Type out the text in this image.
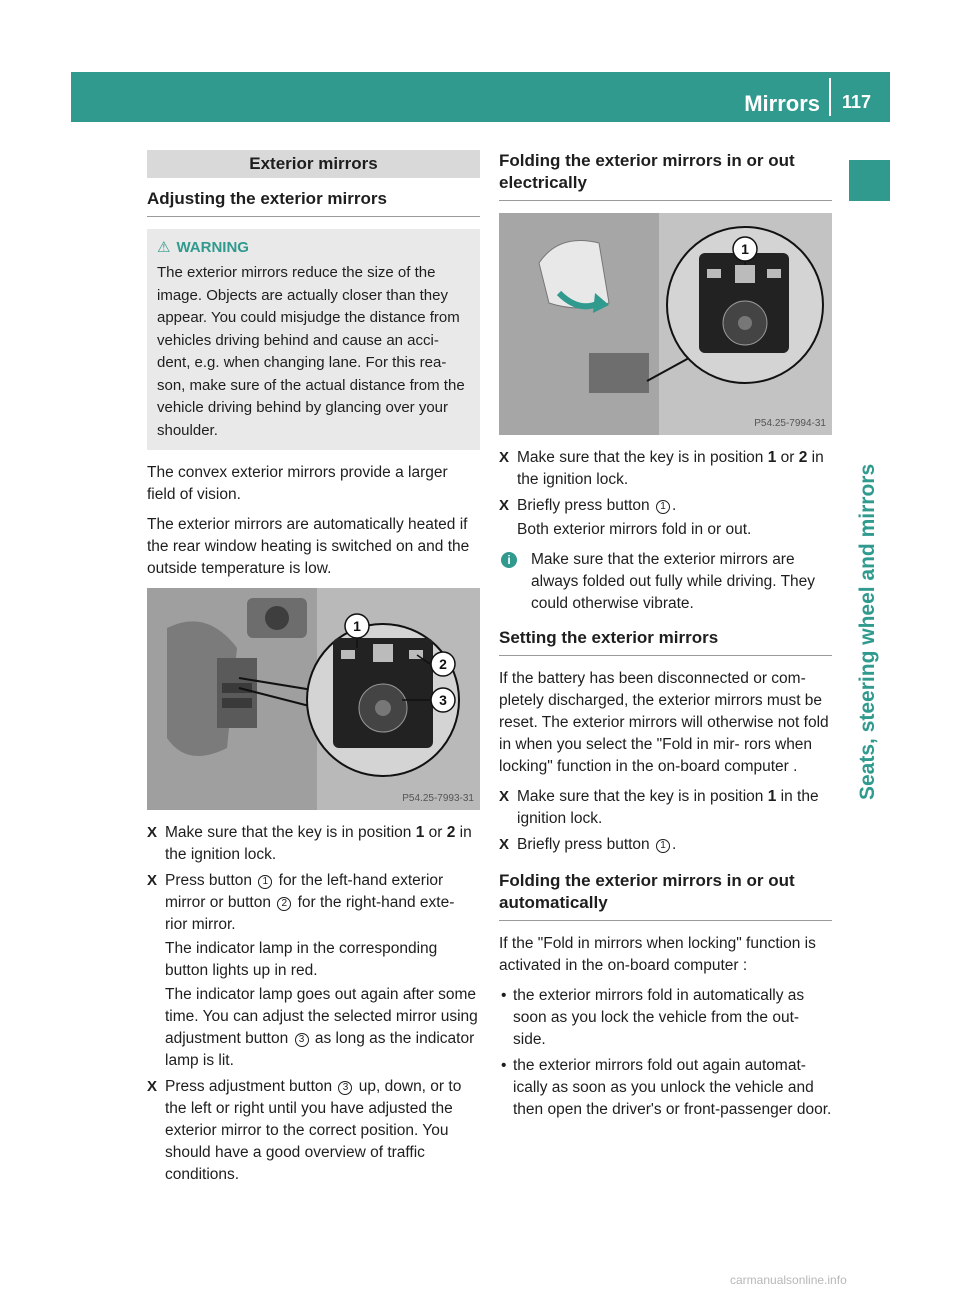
Mirrors 117
Seats, steering wheel and mirrors
Exterior mirrors
Adjusting the exterior mirrors
⚠ WARNING
The exterior mirrors reduce the size of the image. Objects are actually closer than they appear. You could misjudge the distance from vehicles driving behind and cause an acci- dent, e.g. when changing lane. For this rea- son, make sure of the actual distance from the vehicle driving behind by glancing over your shoulder.
The convex exterior mirrors provide a larger field of vision.
The exterior mirrors are automatically heated if the rear window heating is switched on and the outside temperature is low.
1
2
3
P54.25-7993-31
X Make sure that the key is in position 1 or 2 in the ignition lock.
X Press button 1 for the left-hand exterior mirror or button 2 for the right-hand exte- rior mirror.
The indicator lamp in the corresponding button lights up in red.
The indicator lamp goes out again after some time. You can adjust the selected mirror using adjustment button 3 as long as the indicator lamp is lit.
X Press adjustment button 3 up, down, or to the left or right until you have adjusted the exterior mirror to the correct position. You should have a good overview of traffic conditions.
Folding the exterior mirrors in or out electrically
1
P54.25-7994-31
X Make sure that the key is in position 1 or 2 in the ignition lock.
X Briefly press button 1 .
Both exterior mirrors fold in or out.
i	Make sure that the exterior mirrors are always folded out fully while driving. They could otherwise vibrate.
Setting the exterior mirrors
If the battery has been disconnected or com- pletely discharged, the exterior mirrors must be reset. The exterior mirrors will otherwise not fold in when you select the "Fold in mir- rors when locking" function in the on-board computer .
X Make sure that the key is in position 1 in the ignition lock.
X Briefly press button 1 .
Folding the exterior mirrors in or out automatically
If the "Fold in mirrors when locking" function is activated in the on-board computer :
• the exterior mirrors fold in automatically as soon as you lock the vehicle from the out- side.
• the exterior mirrors fold out again automat- ically as soon as you unlock the vehicle and then open the driver's or front-passenger door.
carmanualsonline.info
